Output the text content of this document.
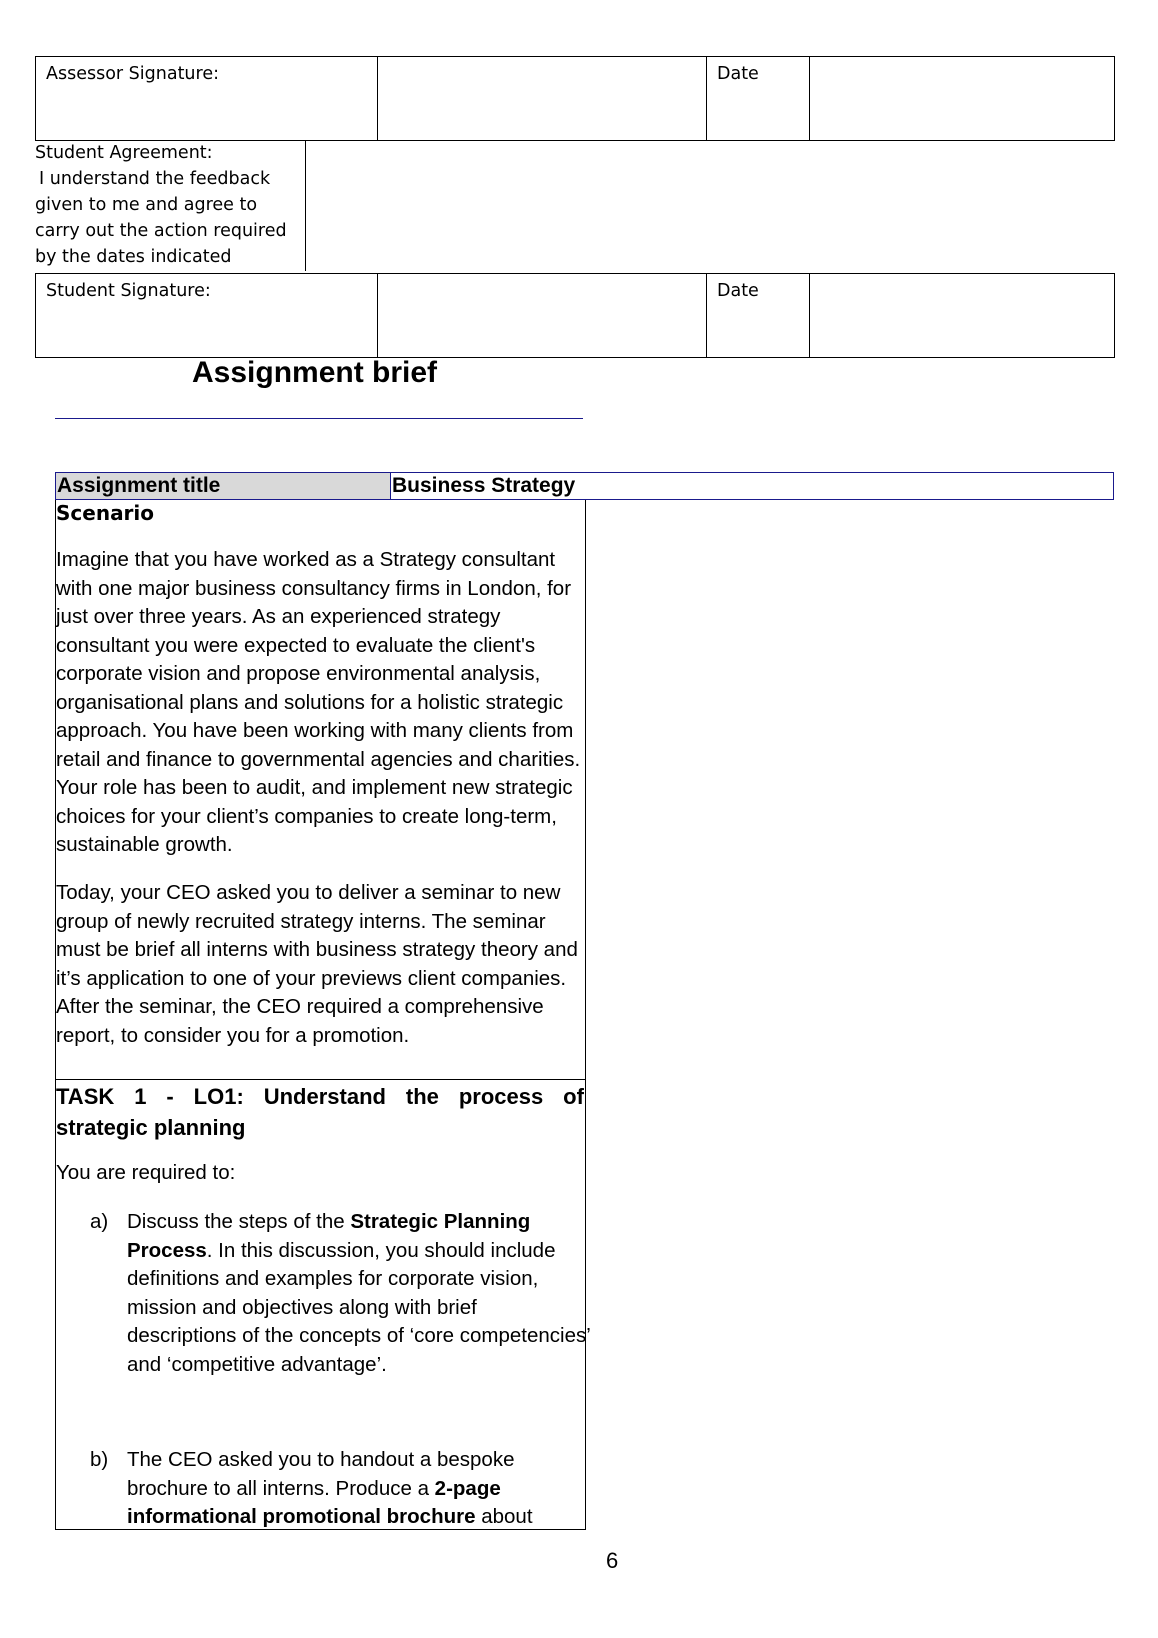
Assessor Signature:		Date

Student Agreement:
I understand the feedback given to me and agree to carry out the action required by the dates indicated
Student Signature:		Date

Assignment brief
Assignment title	Business Strategy
Scenario
Imagine that you have worked as a Strategy consultant with one major business consultancy firms in London, for just over three years. As an experienced strategy consultant you were expected to evaluate the client's corporate vision and propose environmental analysis, organisational plans and solutions for a holistic strategic approach. You have been working with many clients from retail and finance to governmental agencies and charities. Your role has been to audit, and implement new strategic choices for your client’s companies to create long-term, sustainable growth.
Today, your CEO asked you to deliver a seminar to new group of newly recruited strategy interns. The seminar must be brief all interns with business strategy theory and it’s application to one of your previews client companies. After the seminar, the CEO required a comprehensive report, to consider you for a promotion.
TASK 1 - LO1: Understand the process of
strategic planning
You are required to:
a) Discuss the steps of the Strategic Planning Process. In this discussion, you should include definitions and examples for corporate vision, mission and objectives along with brief descriptions of the concepts of ‘core competencies’ and ‘competitive advantage’.
b) The CEO asked you to handout a bespoke brochure to all interns. Produce a 2-page informational promotional brochure about
6
